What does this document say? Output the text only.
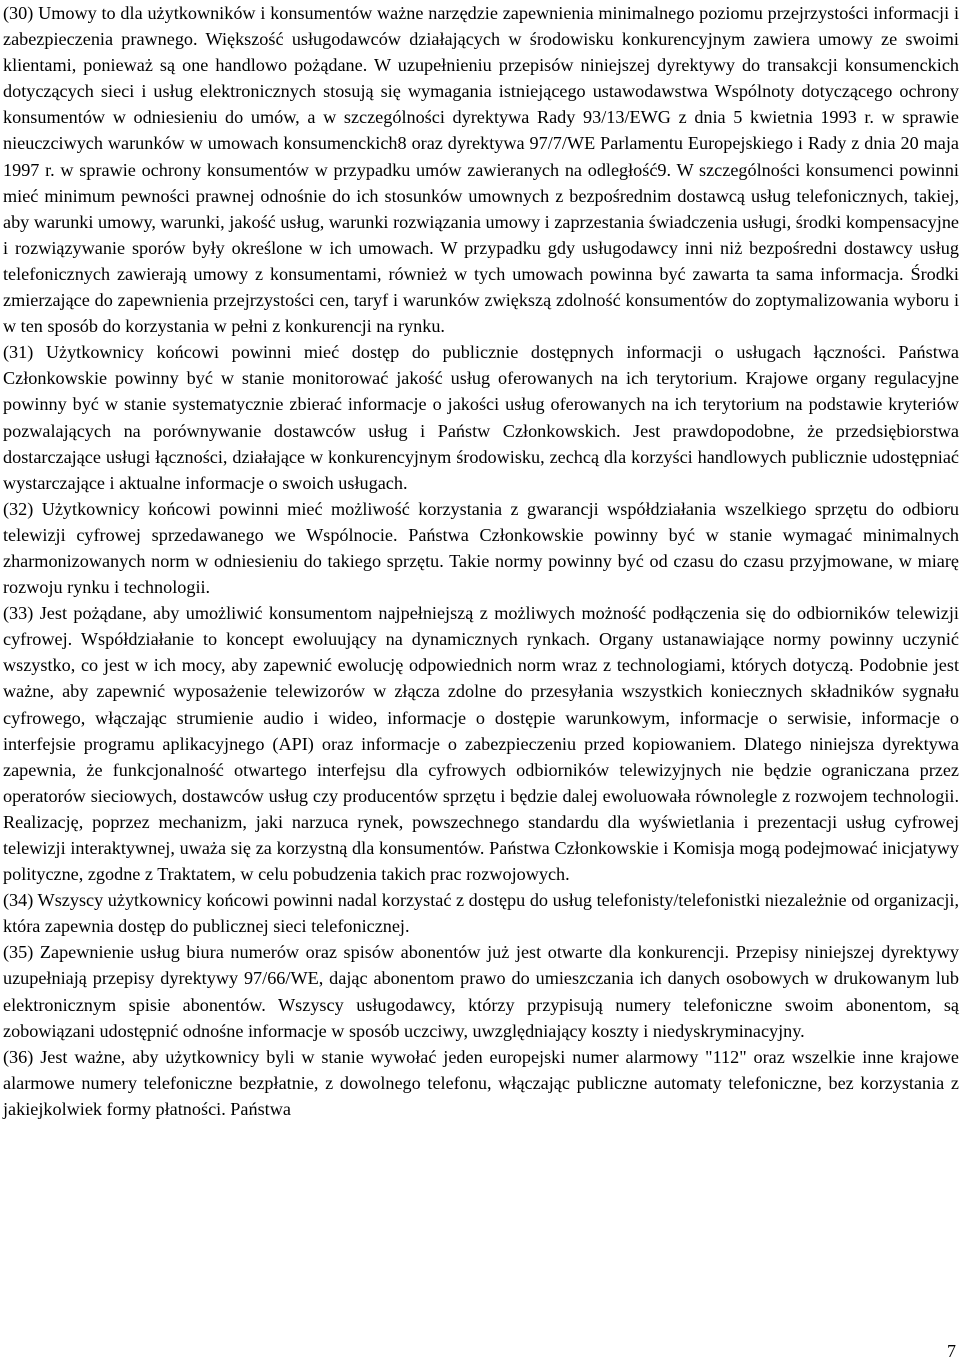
(30) Umowy to dla użytkowników i konsumentów ważne narzędzie zapewnienia minimalnego poziomu przejrzystości informacji i zabezpieczenia prawnego. Większość usługodawców działających w środowisku konkurencyjnym zawiera umowy ze swoimi klientami, ponieważ są one handlowo pożądane. W uzupełnieniu przepisów niniejszej dyrektywy do transakcji konsumenckich dotyczących sieci i usług elektronicznych stosują się wymagania istniejącego ustawodawstwa Wspólnoty dotyczącego ochrony konsumentów w odniesieniu do umów, a w szczególności dyrektywa Rady 93/13/EWG z dnia 5 kwietnia 1993 r. w sprawie nieuczciwych warunków w umowach konsumenckich8 oraz dyrektywa 97/7/WE Parlamentu Europejskiego i Rady z dnia 20 maja 1997 r. w sprawie ochrony konsumentów w przypadku umów zawieranych na odległość9. W szczególności konsumenci powinni mieć minimum pewności prawnej odnośnie do ich stosunków umownych z bezpośrednim dostawcą usług telefonicznych, takiej, aby warunki umowy, warunki, jakość usług, warunki rozwiązania umowy i zaprzestania świadczenia usługi, środki kompensacyjne i rozwiązywanie sporów były określone w ich umowach. W przypadku gdy usługodawcy inni niż bezpośredni dostawcy usług telefonicznych zawierają umowy z konsumentami, również w tych umowach powinna być zawarta ta sama informacja. Środki zmierzające do zapewnienia przejrzystości cen, taryf i warunków zwiększą zdolność konsumentów do zoptymalizowania wyboru i w ten sposób do korzystania w pełni z konkurencji na rynku.

(31) Użytkownicy końcowi powinni mieć dostęp do publicznie dostępnych informacji o usługach łączności. Państwa Członkowskie powinny być w stanie monitorować jakość usług oferowanych na ich terytorium. Krajowe organy regulacyjne powinny być w stanie systematycznie zbierać informacje o jakości usług oferowanych na ich terytorium na podstawie kryteriów pozwalających na porównywanie dostawców usług i Państw Członkowskich. Jest prawdopodobne, że przedsiębiorstwa dostarczające usługi łączności, działające w konkurencyjnym środowisku, zechcą dla korzyści handlowych publicznie udostępniać wystarczające i aktualne informacje o swoich usługach.

(32) Użytkownicy końcowi powinni mieć możliwość korzystania z gwarancji współdziałania wszelkiego sprzętu do odbioru telewizji cyfrowej sprzedawanego we Wspólnocie. Państwa Członkowskie powinny być w stanie wymagać minimalnych zharmonizowanych norm w odniesieniu do takiego sprzętu. Takie normy powinny być od czasu do czasu przyjmowane, w miarę rozwoju rynku i technologii.

(33) Jest pożądane, aby umożliwić konsumentom najpełniejszą z możliwych możność podłączenia się do odbiorników telewizji cyfrowej. Współdziałanie to koncept ewoluujący na dynamicznych rynkach. Organy ustanawiające normy powinny uczynić wszystko, co jest w ich mocy, aby zapewnić ewolucję odpowiednich norm wraz z technologiami, których dotyczą. Podobnie jest ważne, aby zapewnić wyposażenie telewizorów w złącza zdolne do przesyłania wszystkich koniecznych składników sygnału cyfrowego, włączając strumienie audio i wideo, informacje o dostępie warunkowym, informacje o serwisie, informacje o interfejsie programu aplikacyjnego (API) oraz informacje o zabezpieczeniu przed kopiowaniem. Dlatego niniejsza dyrektywa zapewnia, że funkcjonalność otwartego interfejsu dla cyfrowych odbiorników telewizyjnych nie będzie ograniczana przez operatorów sieciowych, dostawców usług czy producentów sprzętu i będzie dalej ewoluowała równolegle z rozwojem technologii. Realizację, poprzez mechanizm, jaki narzuca rynek, powszechnego standardu dla wyświetlania i prezentacji usług cyfrowej telewizji interaktywnej, uważa się za korzystną dla konsumentów. Państwa Członkowskie i Komisja mogą podejmować inicjatywy polityczne, zgodne z Traktatem, w celu pobudzenia takich prac rozwojowych.

(34) Wszyscy użytkownicy końcowi powinni nadal korzystać z dostępu do usług telefonisty/telefonistki niezależnie od organizacji, która zapewnia dostęp do publicznej sieci telefonicznej.

(35) Zapewnienie usług biura numerów oraz spisów abonentów już jest otwarte dla konkurencji. Przepisy niniejszej dyrektywy uzupełniają przepisy dyrektywy 97/66/WE, dając abonentom prawo do umieszczania ich danych osobowych w drukowanym lub elektronicznym spisie abonentów. Wszyscy usługodawcy, którzy przypisują numery telefoniczne swoim abonentom, są zobowiązani udostępnić odnośne informacje w sposób uczciwy, uwzględniający koszty i niedyskryminacyjny.

(36) Jest ważne, aby użytkownicy byli w stanie wywołać jeden europejski numer alarmowy "112" oraz wszelkie inne krajowe alarmowe numery telefoniczne bezpłatnie, z dowolnego telefonu, włączając publiczne automaty telefoniczne, bez korzystania z jakiejkolwiek formy płatności. Państwa

7
